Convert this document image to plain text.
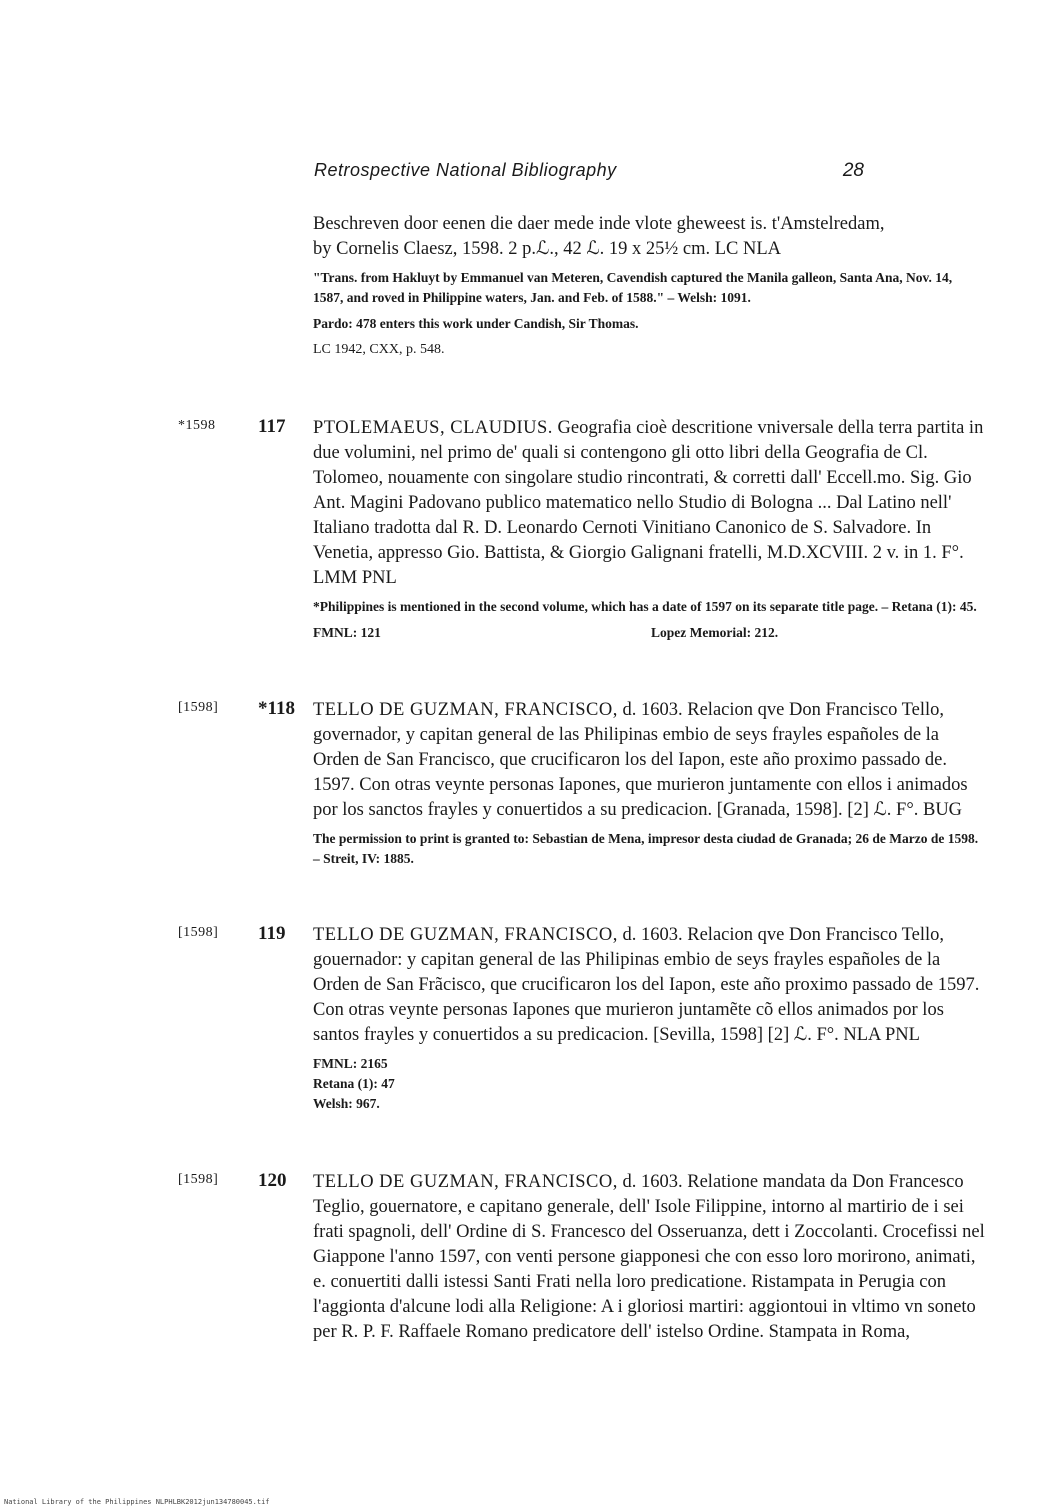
Retrospective National Bibliography	28

Beschreven door eenen die daer mede inde vlote gheweest is. t'Amstelredam,

by Cornelis Claesz, 1598. 2 p.ℒ., 42 ℒ. 19 x 25½ cm. LC NLA

"Trans. from Hakluyt by Emmanuel van Meteren, Cavendish captured the Manila galleon, Santa Ana, Nov. 14, 1587, and roved in Philippine waters, Jan. and Feb. of 1588." – Welsh: 1091.

Pardo: 478 enters this work under Candish, Sir Thomas.

LC 1942, CXX, p. 548.

*1598 117	PTOLEMAEUS, CLAUDIUS. Geografia cioè descritione vniversale della terra partita in due volumini, nel primo de' quali si contengono gli otto libri della Geografia de Cl. Tolomeo, nouamente con singolare studio rincontrati, & corretti dall' Eccell.mo. Sig. Gio Ant. Magini Padovano publico matematico nello Studio di Bologna ... Dal Latino nell' Italiano tradotta dal R. D. Leonardo Cernoti Vinitiano Canonico de S. Salvadore. In Venetia, appresso Gio. Battista, & Giorgio Galignani fratelli, M.D.XCVIII. 2 v. in 1. F°. LMM PNL

*Philippines is mentioned in the second volume, which has a date of 1597 on its separate title page. – Retana (1): 45.

FMNL: 121	Lopez Memorial: 212.
[1598] *118 TELLO DE GUZMAN, FRANCISCO, d. 1603. Relacion qve Don Francisco Tello, governador, y capitan general de las Philipinas embio de seys frayles españoles de la Orden de San Francisco, que crucificaron los del Iapon, este año proximo passado de. 1597. Con otras veynte personas Iapones, que murieron juntamente con ellos i animados por los sanctos frayles y conuertidos a su predicacion. [Granada, 1598]. [2] ℒ. F°. BUG

The permission to print is granted to: Sebastian de Mena, impresor desta ciudad de Granada; 26 de Marzo de 1598. – Streit, IV: 1885.

[1598] 119	TELLO DE GUZMAN, FRANCISCO, d. 1603. Relacion qve Don Francisco Tello, gouernador: y capitan general de las Philipinas embio de seys frayles españoles de la Orden de San Frãcisco, que crucificaron los del Iapon, este año proximo passado de 1597. Con otras veynte personas Iapones que murieron juntamẽte cõ ellos animados por los santos frayles y conuertidos a su predicacion. [Sevilla, 1598] [2] ℒ. F°. NLA PNL

FMNL: 2165
Retana (1): 47
Welsh: 967.
[1598] 120	TELLO DE GUZMAN, FRANCISCO, d. 1603. Relatione mandata da Don Francesco Teglio, gouernatore, e capitano generale, dell' Isole Filippine, intorno al martirio de i sei frati spagnoli, dell' Ordine di S. Francesco del Osseruanza, dett i Zoccolanti. Crocefissi nel Giappone l'anno 1597, con venti persone giapponesi che con esso loro morirono, animati, e. conuertiti dalli istessi Santi Frati nella loro predicatione. Ristampata in Perugia con l'aggionta d'alcune lodi alla Religione: A i gloriosi martiri: aggiontoui in vltimo vn soneto per R. P. F. Raffaele Romano predicatore dell' istelso Ordine. Stampata in Roma,

National Library of the Philippines NLPHLBK2012jun134780045.tif
